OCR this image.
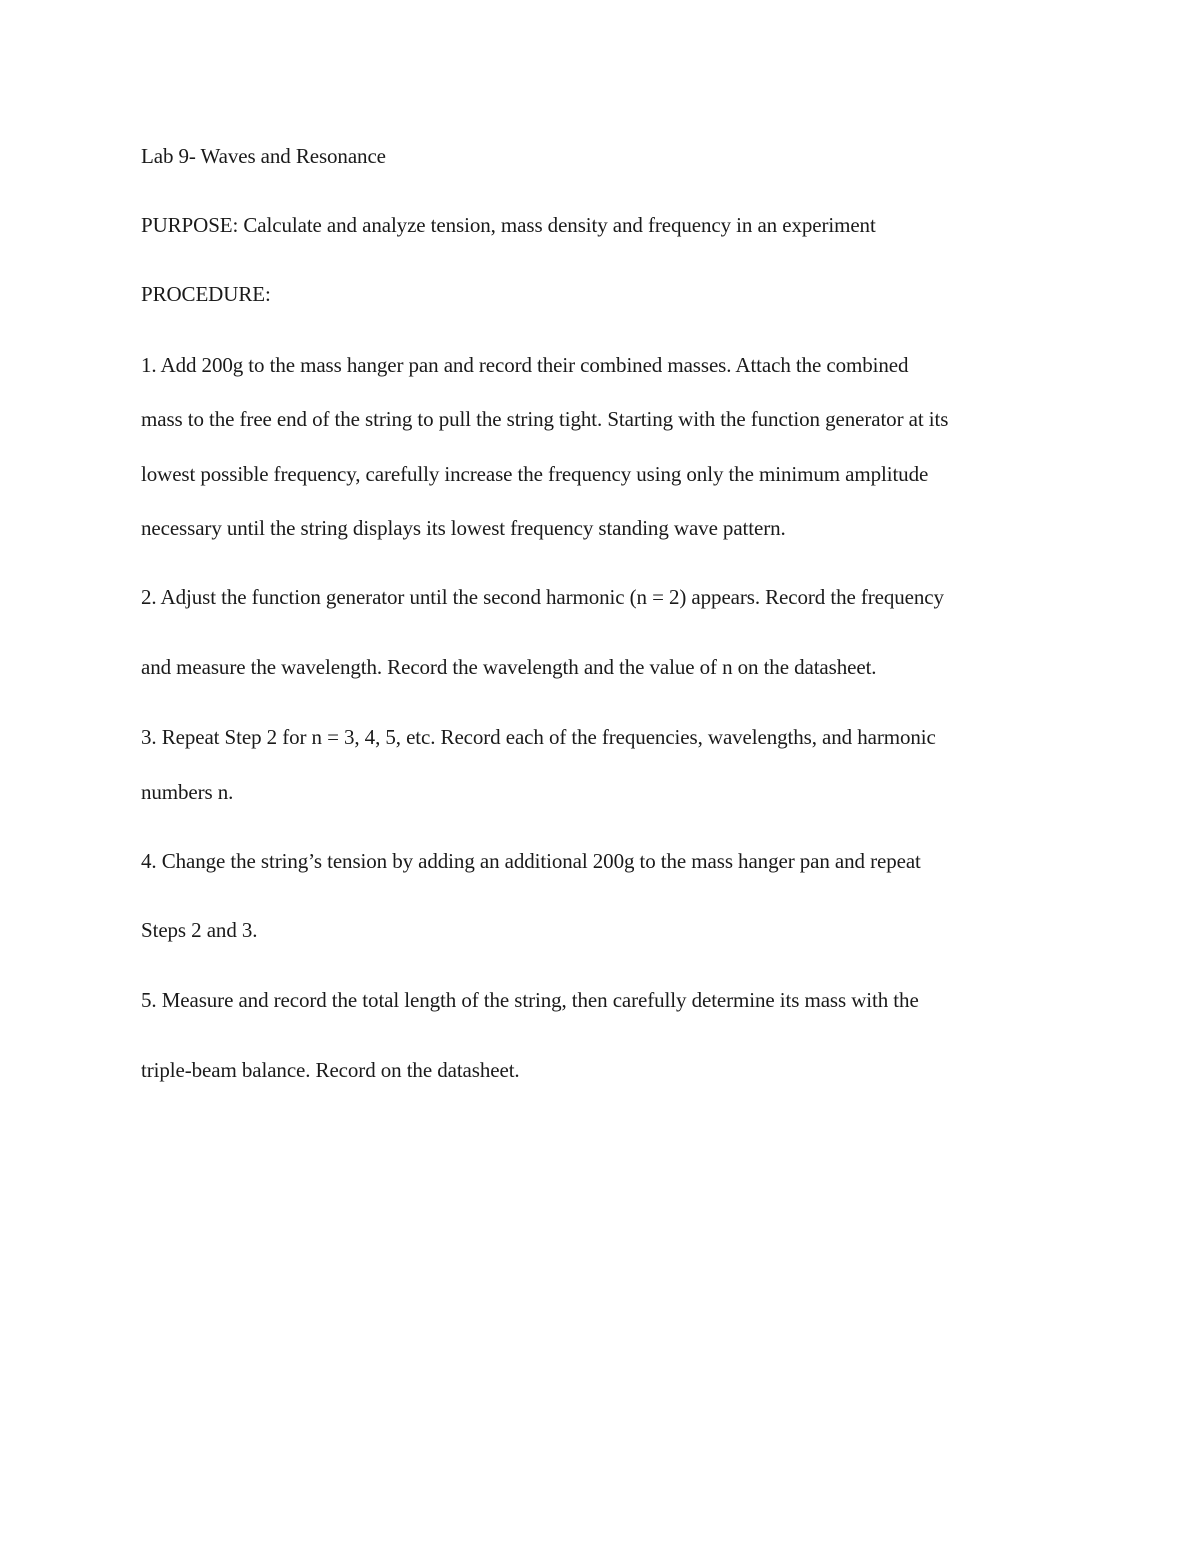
Lab 9- Waves and Resonance
PURPOSE: Calculate and analyze tension, mass density and frequency in an experiment
PROCEDURE:
1. Add 200g to the mass hanger pan and record their combined masses. Attach the combined
mass to the free end of the string to pull the string tight. Starting with the function generator at its
lowest possible frequency, carefully increase the frequency using only the minimum amplitude
necessary until the string displays its lowest frequency standing wave pattern.
2. Adjust the function generator until the second harmonic (n = 2) appears. Record the frequency
and measure the wavelength. Record the wavelength and the value of n on the datasheet.
3. Repeat Step 2 for n = 3, 4, 5, etc. Record each of the frequencies, wavelengths, and harmonic
numbers n.
4. Change the string’s tension by adding an additional 200g to the mass hanger pan and repeat
Steps 2 and 3.
5. Measure and record the total length of the string, then carefully determine its mass with the
triple-beam balance. Record on the datasheet.
